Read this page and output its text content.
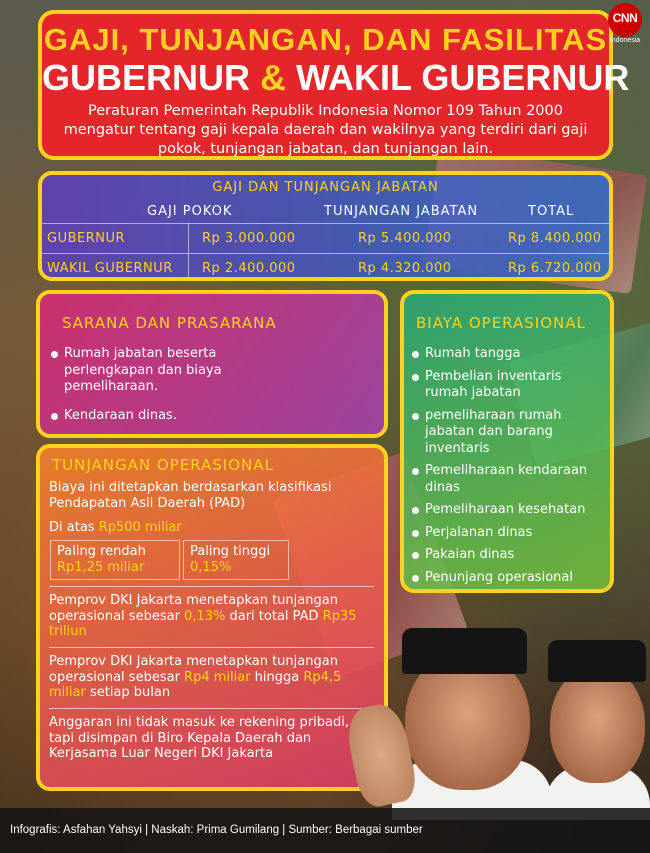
GAJI, TUNJANGAN, DAN FASILITAS
GUBERNUR & WAKIL GUBERNUR
Peraturan Pemerintah Republik Indonesia Nomor 109 Tahun 2000 mengatur tentang gaji kepala daerah dan wakilnya yang terdiri dari gaji pokok, tunjangan jabatan, dan tunjangan lain.
GAJI DAN TUNJANGAN JABATAN
GAJI POKOK	TUNJANGAN JABATAN	TOTAL
GUBERNUR	Rp 3.000.000	Rp 5.400.000	Rp 8.400.000
WAKIL GUBERNUR Rp 2.400.000	Rp 4.320.000	Rp 6.720.000
SARANA DAN PRASARANA
Rumah jabatan beserta perlengkapan dan biaya pemeliharaan.
Kendaraan dinas.
BIAYA OPERASIONAL
Rumah tangga
Pembelian inventaris rumah jabatan
pemeliharaan rumah jabatan dan barang inventaris
Pemeliharaan kendaraan dinas
Pemeliharaan kesehatan
Perjalanan dinas
Pakaian dinas
Penunjang operasional
TUNJANGAN OPERASIONAL
Biaya ini ditetapkan berdasarkan klasifikasi Pendapatan Asli Daerah (PAD)
Di atas Rp500 miliar
Paling rendah
Rp1,25 miliar
Paling tinggi
0,15%
Pemprov DKI Jakarta menetapkan tunjangan operasional sebesar 0,13% dari total PAD Rp35 triliun
Pemprov DKI Jakarta menetapkan tunjangan operasional sebesar Rp4 miliar hingga Rp4,5 miliar setiap bulan
Anggaran ini tidak masuk ke rekening pribadi, tapi disimpan di Biro Kepala Daerah dan Kerjasama Luar Negeri DKI Jakarta
Infografis: Asfahan Yahsyi | Naskah: Prima Gumilang | Sumber: Berbagai sumber
CNN
Indonesia
